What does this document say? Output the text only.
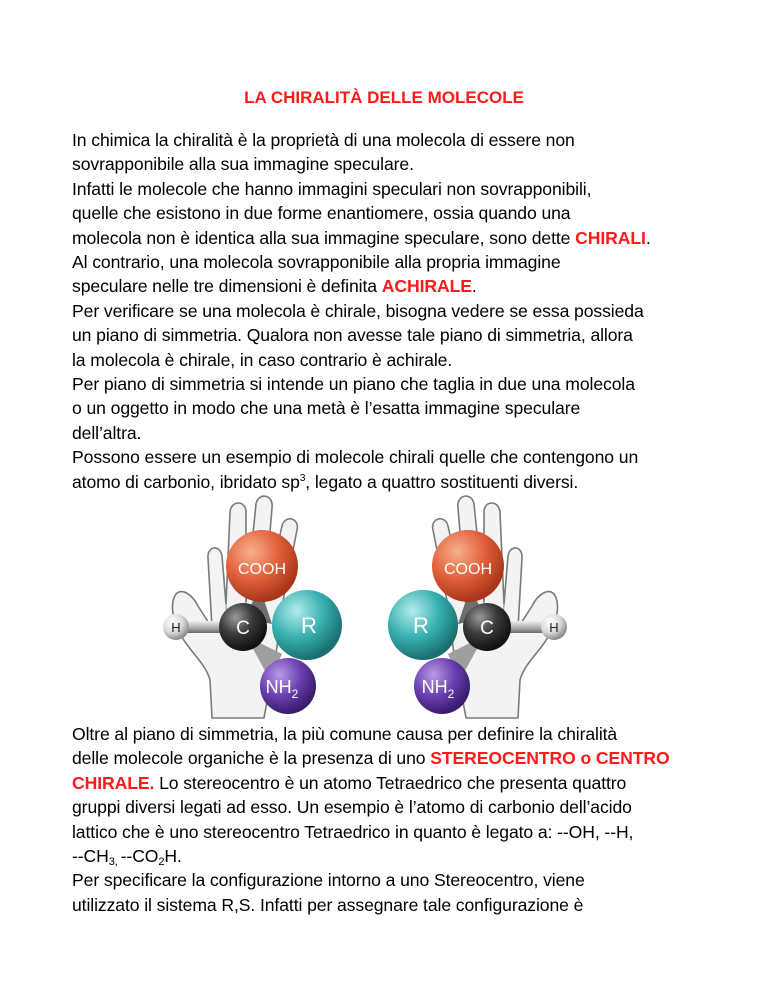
LA CHIRALITÀ DELLE MOLECOLE

In chimica la chiralità è la proprietà di una molecola di essere non

sovrapponibile alla sua immagine speculare.

Infatti le molecole che hanno immagini speculari non sovrapponibili,

quelle che esistono in due forme enantiomere, ossia quando una

molecola non è identica alla sua immagine speculare, sono dette CHIRALI.

Al contrario, una molecola sovrapponibile alla propria immagine

speculare nelle tre dimensioni è definita ACHIRALE.

Per verificare se una molecola è chirale, bisogna vedere se essa possieda

un piano di simmetria. Qualora non avesse tale piano di simmetria, allora

la molecola è chirale, in caso contrario è achirale.

Per piano di simmetria si intende un piano che taglia in due una molecola

o un oggetto in modo che una metà è l’esatta immagine speculare

dell’altra.

Possono essere un esempio di molecole chirali quelle che contengono un

atomo di carbonio, ibridato $sp^3$, legato a quattro sostituenti diversi.

COOH
H	C R
$NH_2$
COOH
H
C
R
$NH_2$

Oltre al piano di simmetria, la più comune causa per definire la chiralità

delle molecole organiche è la presenza di uno STEREOCENTRO o CENTRO

CHIRALE. Lo stereocentro è un atomo Tetraedrico che presenta quattro

gruppi diversi legati ad esso. Un esempio è l’atomo di carbonio dell’acido

lattico che è uno stereocentro Tetraedrico in quanto è legato a: --OH, --H,

$--CH_{3,}$ $--CO_2H$.

Per specificare la configurazione intorno a uno Stereocentro, viene

utilizzato il sistema R,S. Infatti per assegnare tale configurazione è
